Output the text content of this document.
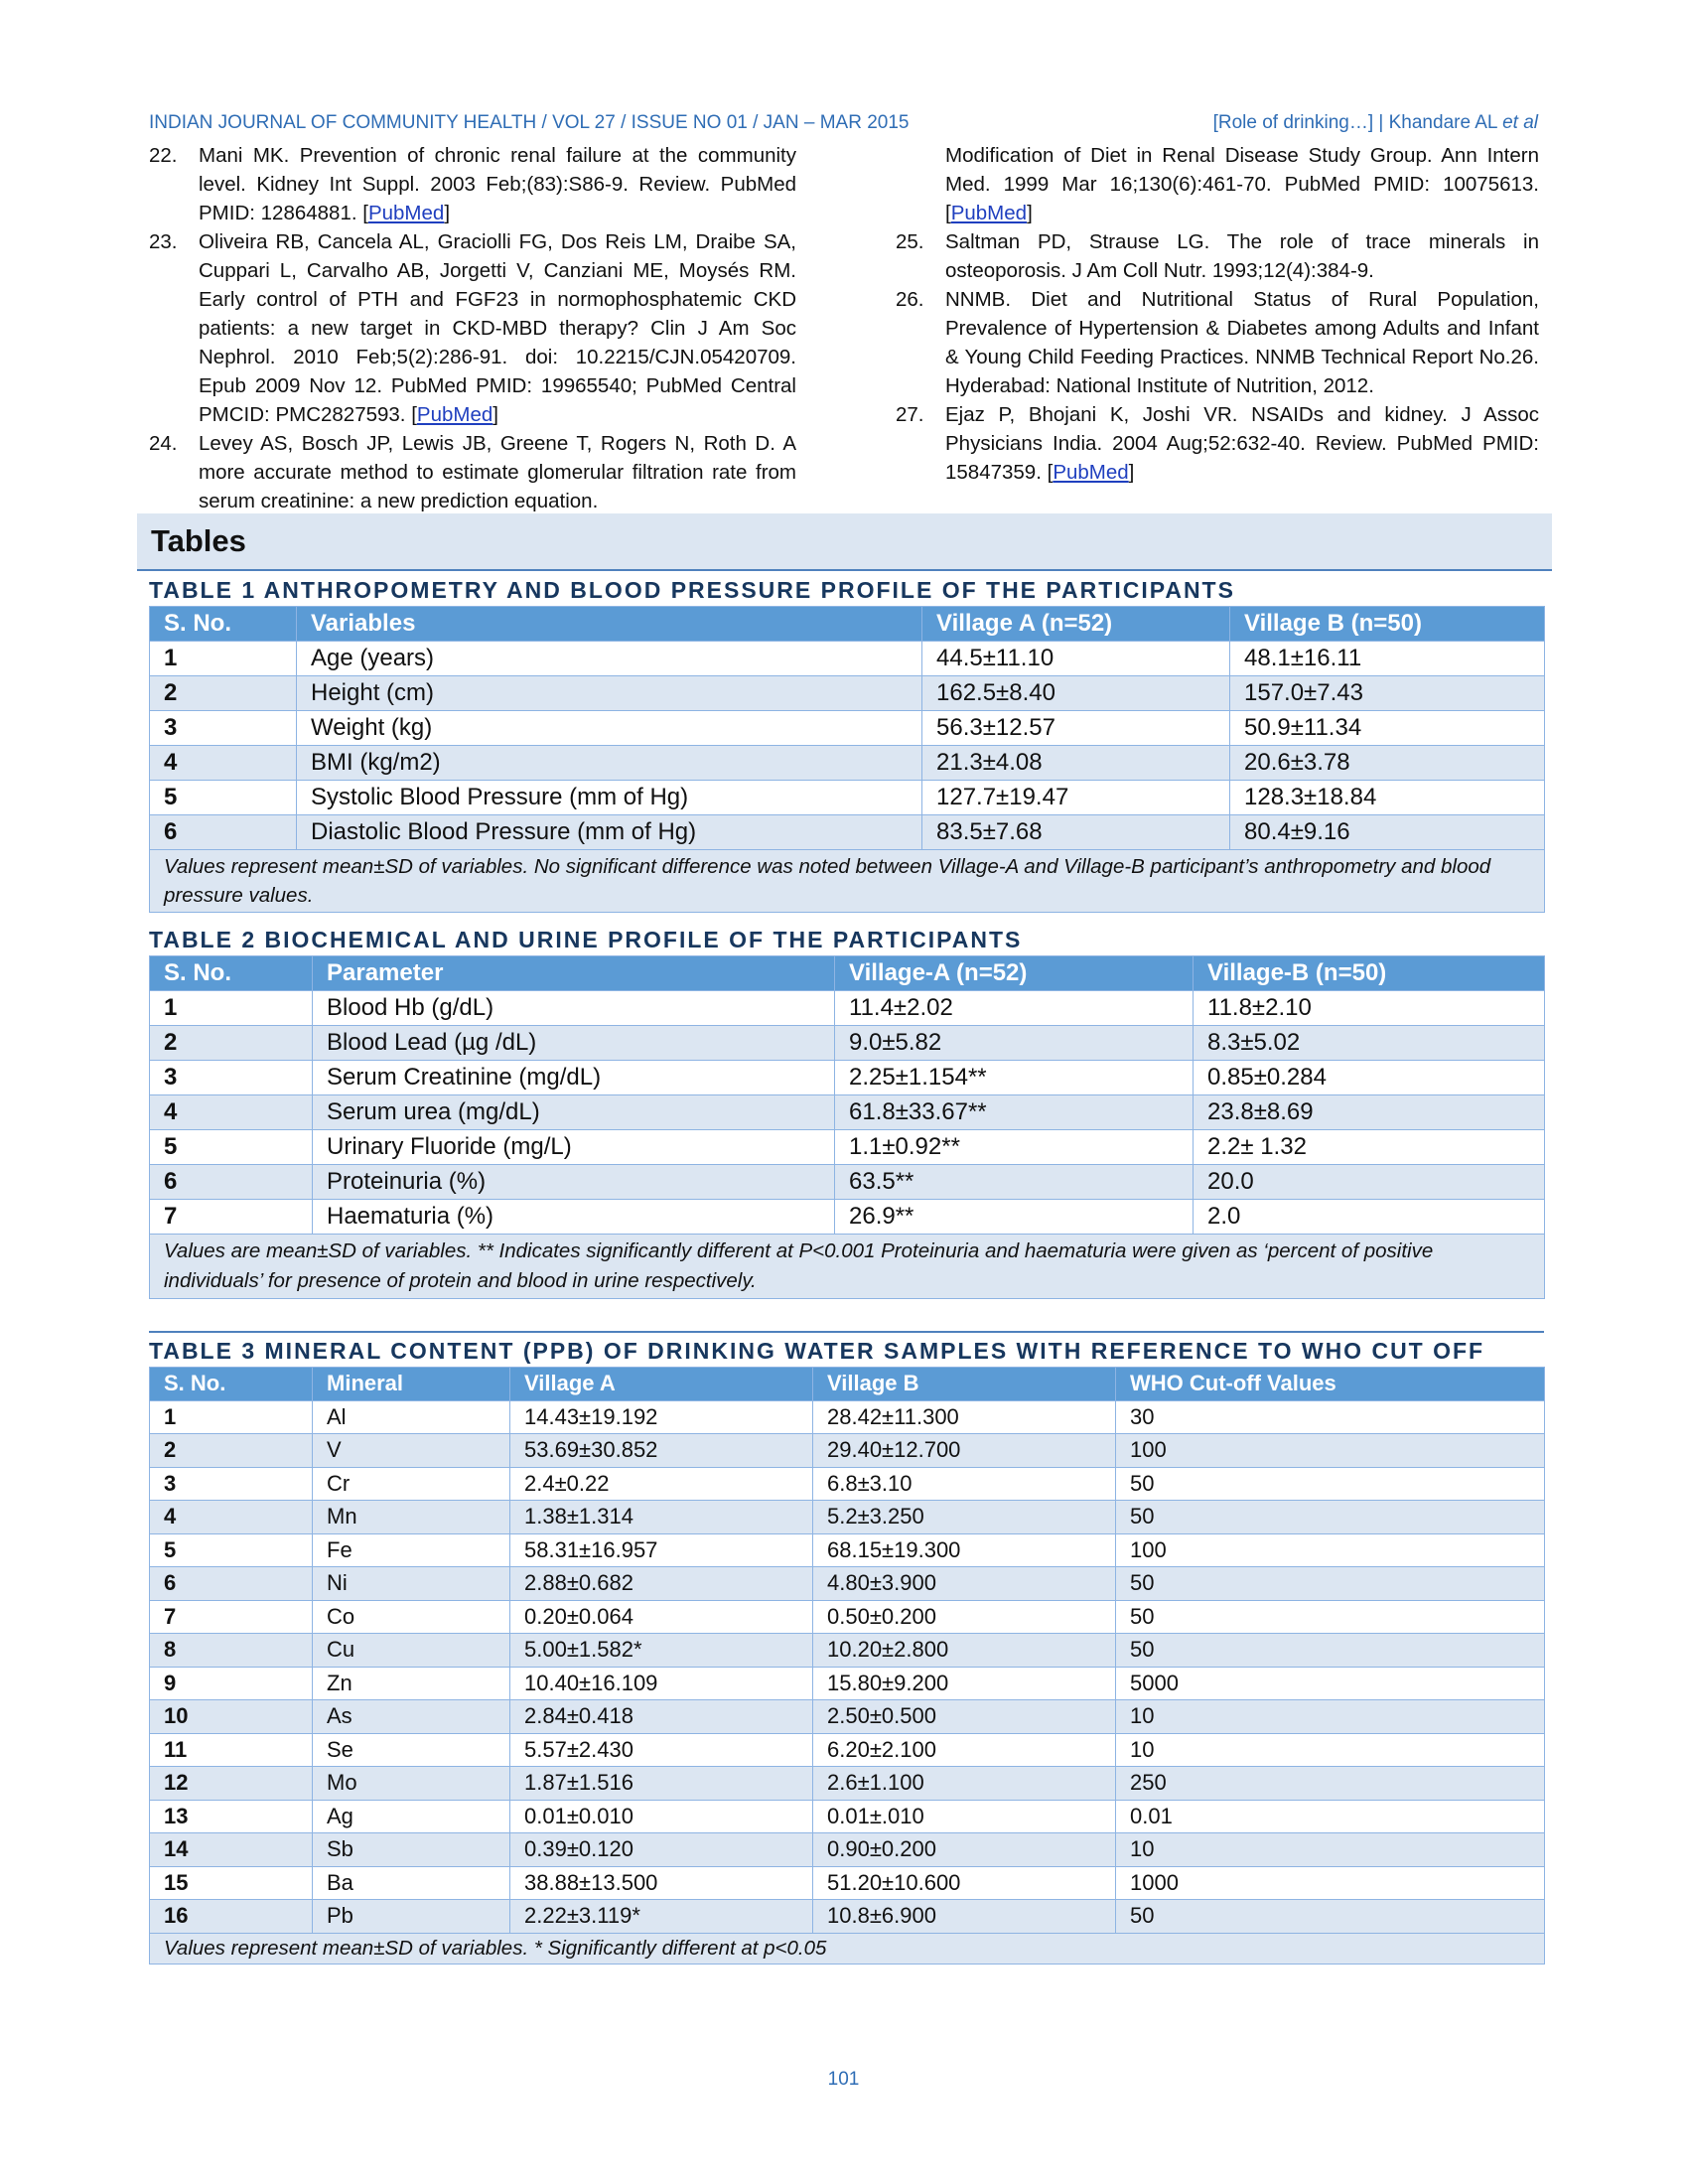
INDIAN JOURNAL OF COMMUNITY HEALTH / VOL 27 / ISSUE NO 01 / JAN – MAR 2015	[Role of drinking…] | Khandare AL et al
22.	Mani MK. Prevention of chronic renal failure at the community level. Kidney Int Suppl. 2003 Feb;(83):S86-9. Review. PubMed PMID: 12864881. [PubMed]
23.	Oliveira RB, Cancela AL, Graciolli FG, Dos Reis LM, Draibe SA, Cuppari L, Carvalho AB, Jorgetti V, Canziani ME, Moysés RM. Early control of PTH and FGF23 in normophosphatemic CKD patients: a new target in CKD-MBD therapy? Clin J Am Soc Nephrol. 2010 Feb;5(2):286-91. doi: 10.2215/CJN.05420709. Epub 2009 Nov 12. PubMed PMID: 19965540; PubMed Central PMCID: PMC2827593. [PubMed]
24.	Levey AS, Bosch JP, Lewis JB, Greene T, Rogers N, Roth D. A more accurate method to estimate glomerular filtration rate from serum creatinine: a new prediction equation.
Modification of Diet in Renal Disease Study Group. Ann Intern Med. 1999 Mar 16;130(6):461-70. PubMed PMID: 10075613. [PubMed]
25.	Saltman PD, Strause LG. The role of trace minerals in osteoporosis. J Am Coll Nutr. 1993;12(4):384-9.
26.	NNMB. Diet and Nutritional Status of Rural Population, Prevalence of Hypertension & Diabetes among Adults and Infant & Young Child Feeding Practices. NNMB Technical Report No.26. Hyderabad: National Institute of Nutrition, 2012.
27.	Ejaz P, Bhojani K, Joshi VR. NSAIDs and kidney. J Assoc Physicians India. 2004 Aug;52:632-40. Review. PubMed PMID: 15847359. [PubMed]
Tables
TABLE 1 ANTHROPOMETRY AND BLOOD PRESSURE PROFILE OF THE PARTICIPANTS
S. No.	Variables	Village A (n=52)	Village B (n=50)
1	Age (years)	44.5±11.10	48.1±16.11
2	Height (cm)	162.5±8.40	157.0±7.43
3	Weight (kg)	56.3±12.57	50.9±11.34
4	BMI (kg/m2)	21.3±4.08	20.6±3.78
5	Systolic Blood Pressure (mm of Hg)	127.7±19.47	128.3±18.84
6	Diastolic Blood Pressure (mm of Hg)	83.5±7.68	80.4±9.16
Values represent mean±SD of variables. No significant difference was noted between Village-A and Village-B participant’s anthropometry and blood pressure values.			
TABLE 2 BIOCHEMICAL AND URINE PROFILE OF THE PARTICIPANTS
S. No.	Parameter	Village-A (n=52)	Village-B (n=50)
1	Blood Hb (g/dL)	11.4±2.02	11.8±2.10
2	Blood Lead (µg /dL)	9.0±5.82	8.3±5.02
3	Serum Creatinine (mg/dL)	2.25±1.154**	0.85±0.284
4	Serum urea (mg/dL)	61.8±33.67**	23.8±8.69
5	Urinary Fluoride (mg/L)	1.1±0.92**	2.2± 1.32
6	Proteinuria (%)	63.5**	20.0
7	Haematuria (%)	26.9**	2.0
Values are mean±SD of variables. ** Indicates significantly different at P<0.001 Proteinuria and haematuria were given as ‘percent of positive individuals’ for presence of protein and blood in urine respectively.			
TABLE 3 MINERAL CONTENT (PPB) OF DRINKING WATER SAMPLES WITH REFERENCE TO WHO CUT OFF
S. No.	Mineral	Village A	Village B	WHO Cut-off Values
1	Al	14.43±19.192	28.42±11.300	30
2	V	53.69±30.852	29.40±12.700	100
3	Cr	2.4±0.22	6.8±3.10	50
4	Mn	1.38±1.314	5.2±3.250	50
5	Fe	58.31±16.957	68.15±19.300	100
6	Ni	2.88±0.682	4.80±3.900	50
7	Co	0.20±0.064	0.50±0.200	50
8	Cu	5.00±1.582*	10.20±2.800	50
9	Zn	10.40±16.109	15.80±9.200	5000
10	As	2.84±0.418	2.50±0.500	10
11	Se	5.57±2.430	6.20±2.100	10
12	Mo	1.87±1.516	2.6±1.100	250
13	Ag	0.01±0.010	0.01±.010	0.01
14	Sb	0.39±0.120	0.90±0.200	10
15	Ba	38.88±13.500	51.20±10.600	1000
16	Pb	2.22±3.119*	10.8±6.900	50
Values represent mean±SD of variables. * Significantly different at p<0.05				
101
